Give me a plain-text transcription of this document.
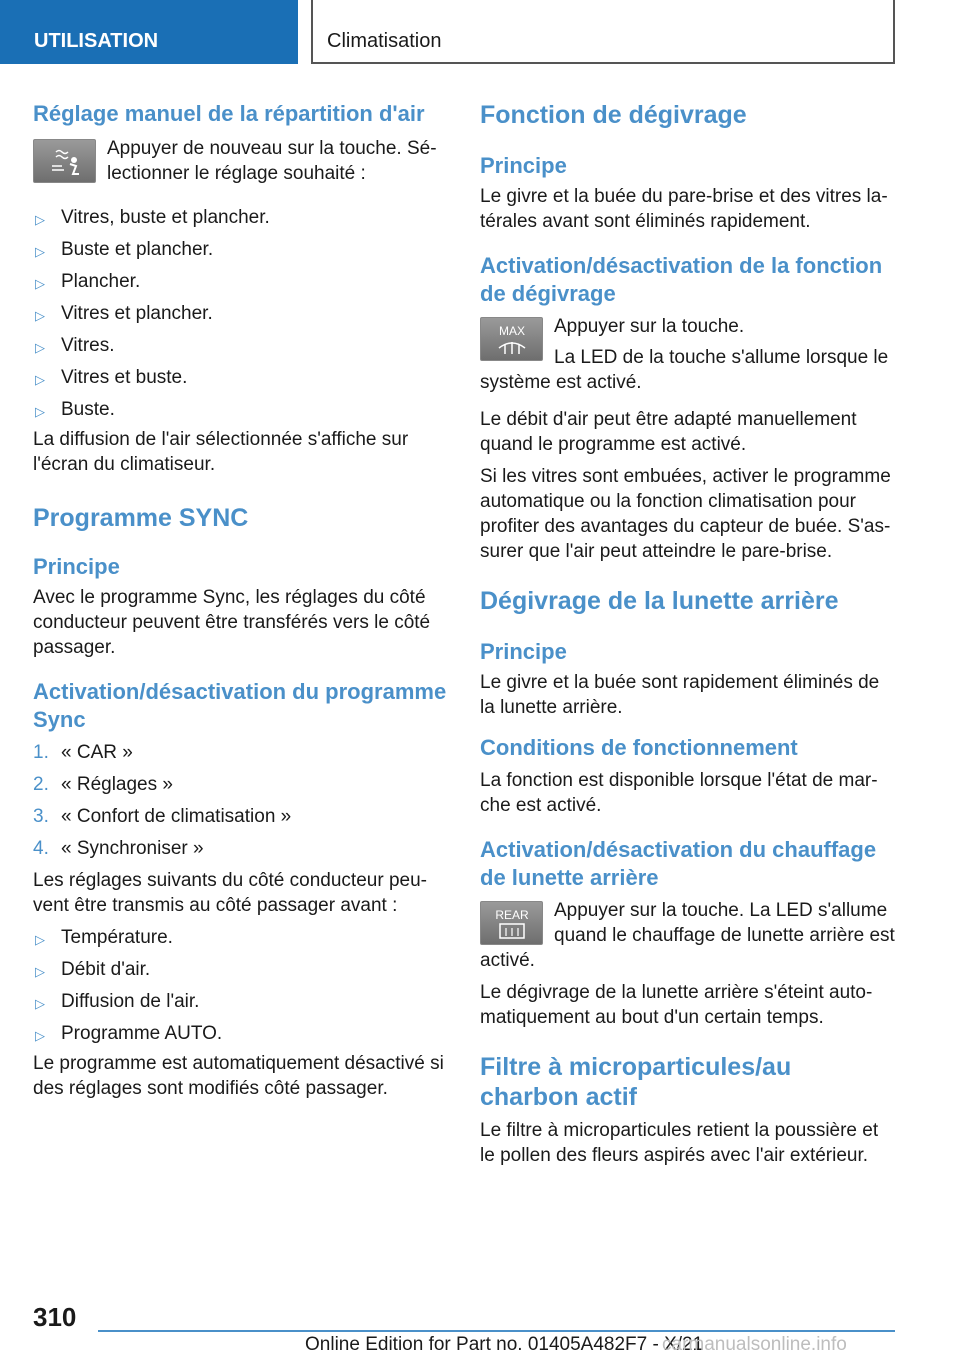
UTILISATION	Climatisation
Réglage manuel de la répartition d'air

Appuyer de nouveau sur la touche. Sé-lectionner le réglage souhaité :

▷ Vitres, buste et plancher.
▷ Buste et plancher.
▷ Plancher.
▷ Vitres et plancher.
▷ Vitres.
▷ Vitres et buste.
▷ Buste.

La diffusion de l'air sélectionnée s'affiche sur l'écran du climatiseur.

Programme SYNC
Principe

Avec le programme Sync, les réglages du côté conducteur peuvent être transférés vers le côté passager.

Activation/désactivation du programme Sync
1. « CAR »
2. « Réglages »
3. « Confort de climatisation »
4. « Synchroniser »

Les réglages suivants du côté conducteur peu-vent être transmis au côté passager avant :

▷ Température.
▷ Débit d'air.
▷ Diffusion de l'air.
▷ Programme AUTO.

Le programme est automatiquement désactivé si des réglages sont modifiés côté passager.

Fonction de dégivrage
Principe

Le givre et la buée du pare-brise et des vitres la-térales avant sont éliminés rapidement.

Activation/désactivation de la fonction de dégivrage
MAX	Appuyer sur la touche.

La LED de la touche s'allume lorsque le système est activé.

Le débit d'air peut être adapté manuellement quand le programme est activé.

Si les vitres sont embuées, activer le programme automatique ou la fonction climatisation pour profiter des avantages du capteur de buée. S'as-surer que l'air peut atteindre le pare-brise.

Dégivrage de la lunette arrière
Principe

Le givre et la buée sont rapidement éliminés de la lunette arrière.

Conditions de fonctionnement

La fonction est disponible lorsque l'état de mar-che est activé.

Activation/désactivation du chauffage de lunette arrière
REAR	Appuyer sur la touche. La LED s'allume quand le chauffage de lunette arrière est activé.

Le dégivrage de la lunette arrière s'éteint auto-matiquement au bout d'un certain temps.

Filtre à microparticules/au charbon actif

Le filtre à microparticules retient la poussière et le pollen des fleurs aspirés avec l'air extérieur.

310
Online Edition for Part no. 01405A482F7 - X/21
carmanualsonline.info
